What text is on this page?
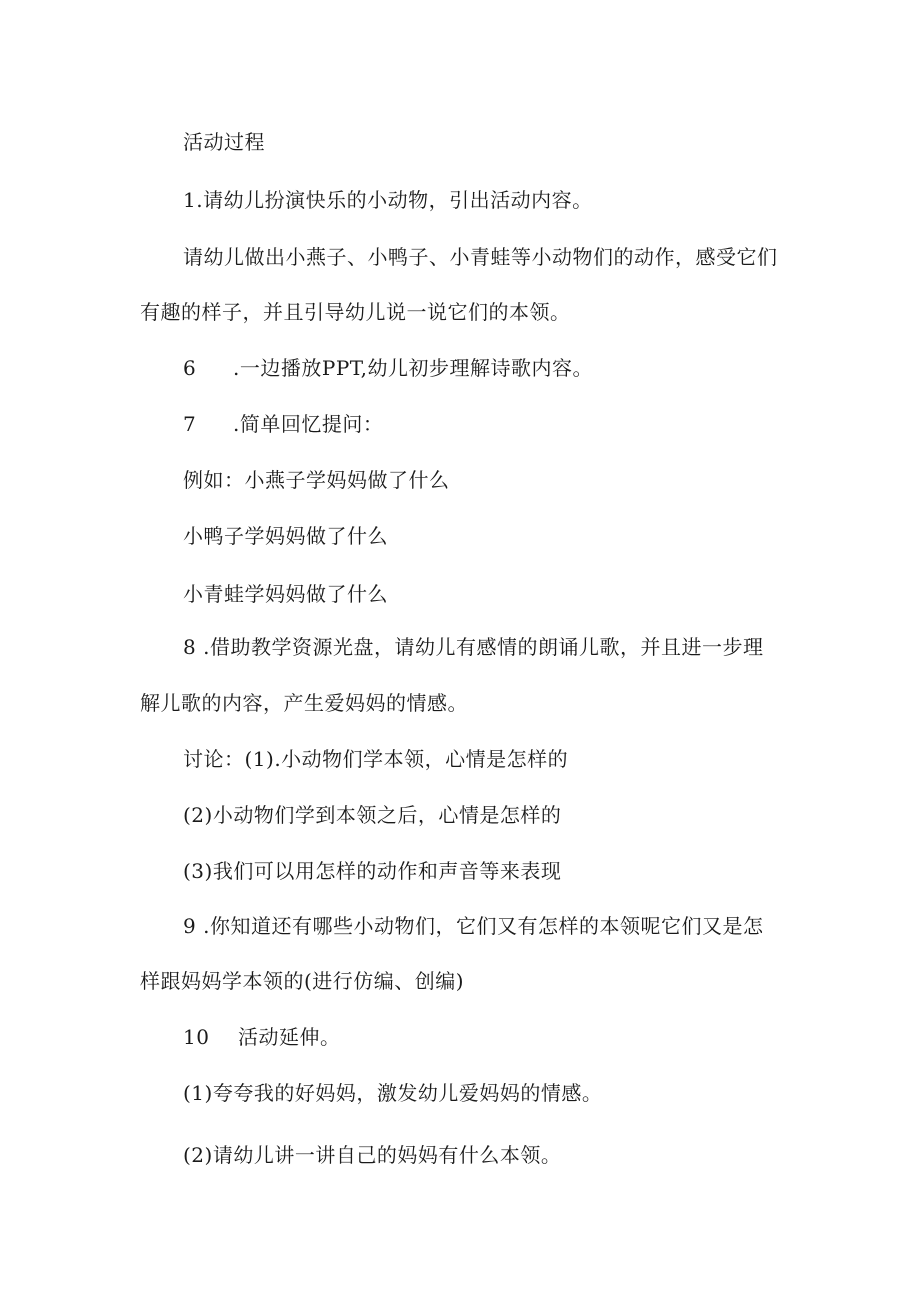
活动过程
1.请幼儿扮演快乐的小动物，引出活动内容。
请幼儿做出小燕子、小鸭子、小青蛙等小动物们的动作，感受它们
有趣的样子，并且引导幼儿说一说它们的本领。
6 .一边播放PPT,幼儿初步理解诗歌内容。
7 .简单回忆提问：
例如：小燕子学妈妈做了什么
小鸭子学妈妈做了什么
小青蛙学妈妈做了什么
8 .借助教学资源光盘，请幼儿有感情的朗诵儿歌，并且进一步理
解儿歌的内容，产生爱妈妈的情感。
讨论：(1).小动物们学本领，心情是怎样的
(2)小动物们学到本领之后，心情是怎样的
(3)我们可以用怎样的动作和声音等来表现
9 .你知道还有哪些小动物们，它们又有怎样的本领呢它们又是怎
样跟妈妈学本领的(进行仿编、创编)
10 活动延伸。
(1)夸夸我的好妈妈，激发幼儿爱妈妈的情感。
(2)请幼儿讲一讲自己的妈妈有什么本领。
